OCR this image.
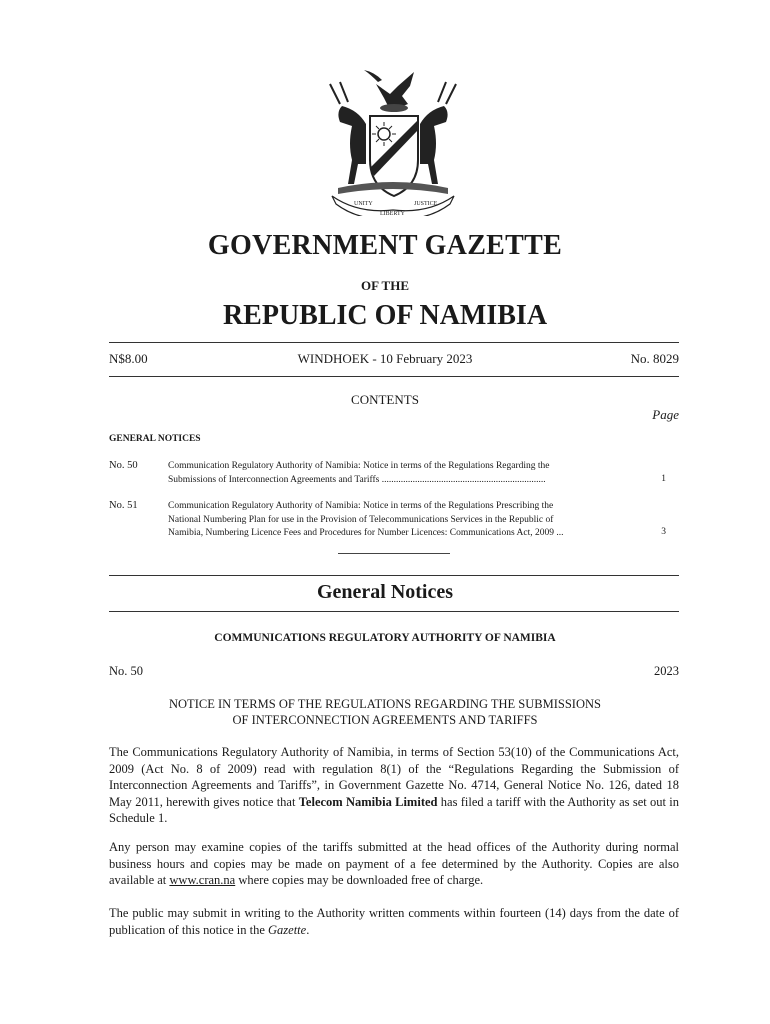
UNITY
LIBERTY
JUSTICE
GOVERNMENT GAZETTE
OF THE
REPUBLIC OF NAMIBIA
N$8.00	WINDHOEK - 10 February 2023	No. 8029
CONTENTS
Page
GENERAL NOTICES
No. 50	Communication Regulatory Authority of Namibia: Notice in terms of the Regulations Regarding the
Submissions of Interconnection Agreements and Tariffs .....................................................................	1
No. 51	Communication Regulatory Authority of Namibia: Notice in terms of the Regulations Prescribing the
National Numbering Plan for use in the Provision of Telecommunications Services in the Republic of
Namibia, Numbering Licence Fees and Procedures for Number Licences: Communications Act, 2009 ...	3
General Notices
COMMUNICATIONS REGULATORY AUTHORITY OF NAMIBIA
No. 50	2023
NOTICE IN TERMS OF THE REGULATIONS REGARDING THE SUBMISSIONS
OF INTERCONNECTION AGREEMENTS AND TARIFFS
The Communications Regulatory Authority of Namibia, in terms of Section 53(10) of the Communications Act, 2009 (Act No. 8 of 2009) read with regulation 8(1) of the “Regulations Regarding the Submission of Interconnection Agreements and Tariffs”, in Government Gazette No. 4714, General Notice No. 126, dated 18 May 2011, herewith gives notice that Telecom Namibia Limited has filed a tariff with the Authority as set out in Schedule 1.
Any person may examine copies of the tariffs submitted at the head offices of the Authority during normal business hours and copies may be made on payment of a fee determined by the Authority. Copies are also available at www.cran.na where copies may be downloaded free of charge.
The public may submit in writing to the Authority written comments within fourteen (14) days from the date of publication of this notice in the Gazette.
